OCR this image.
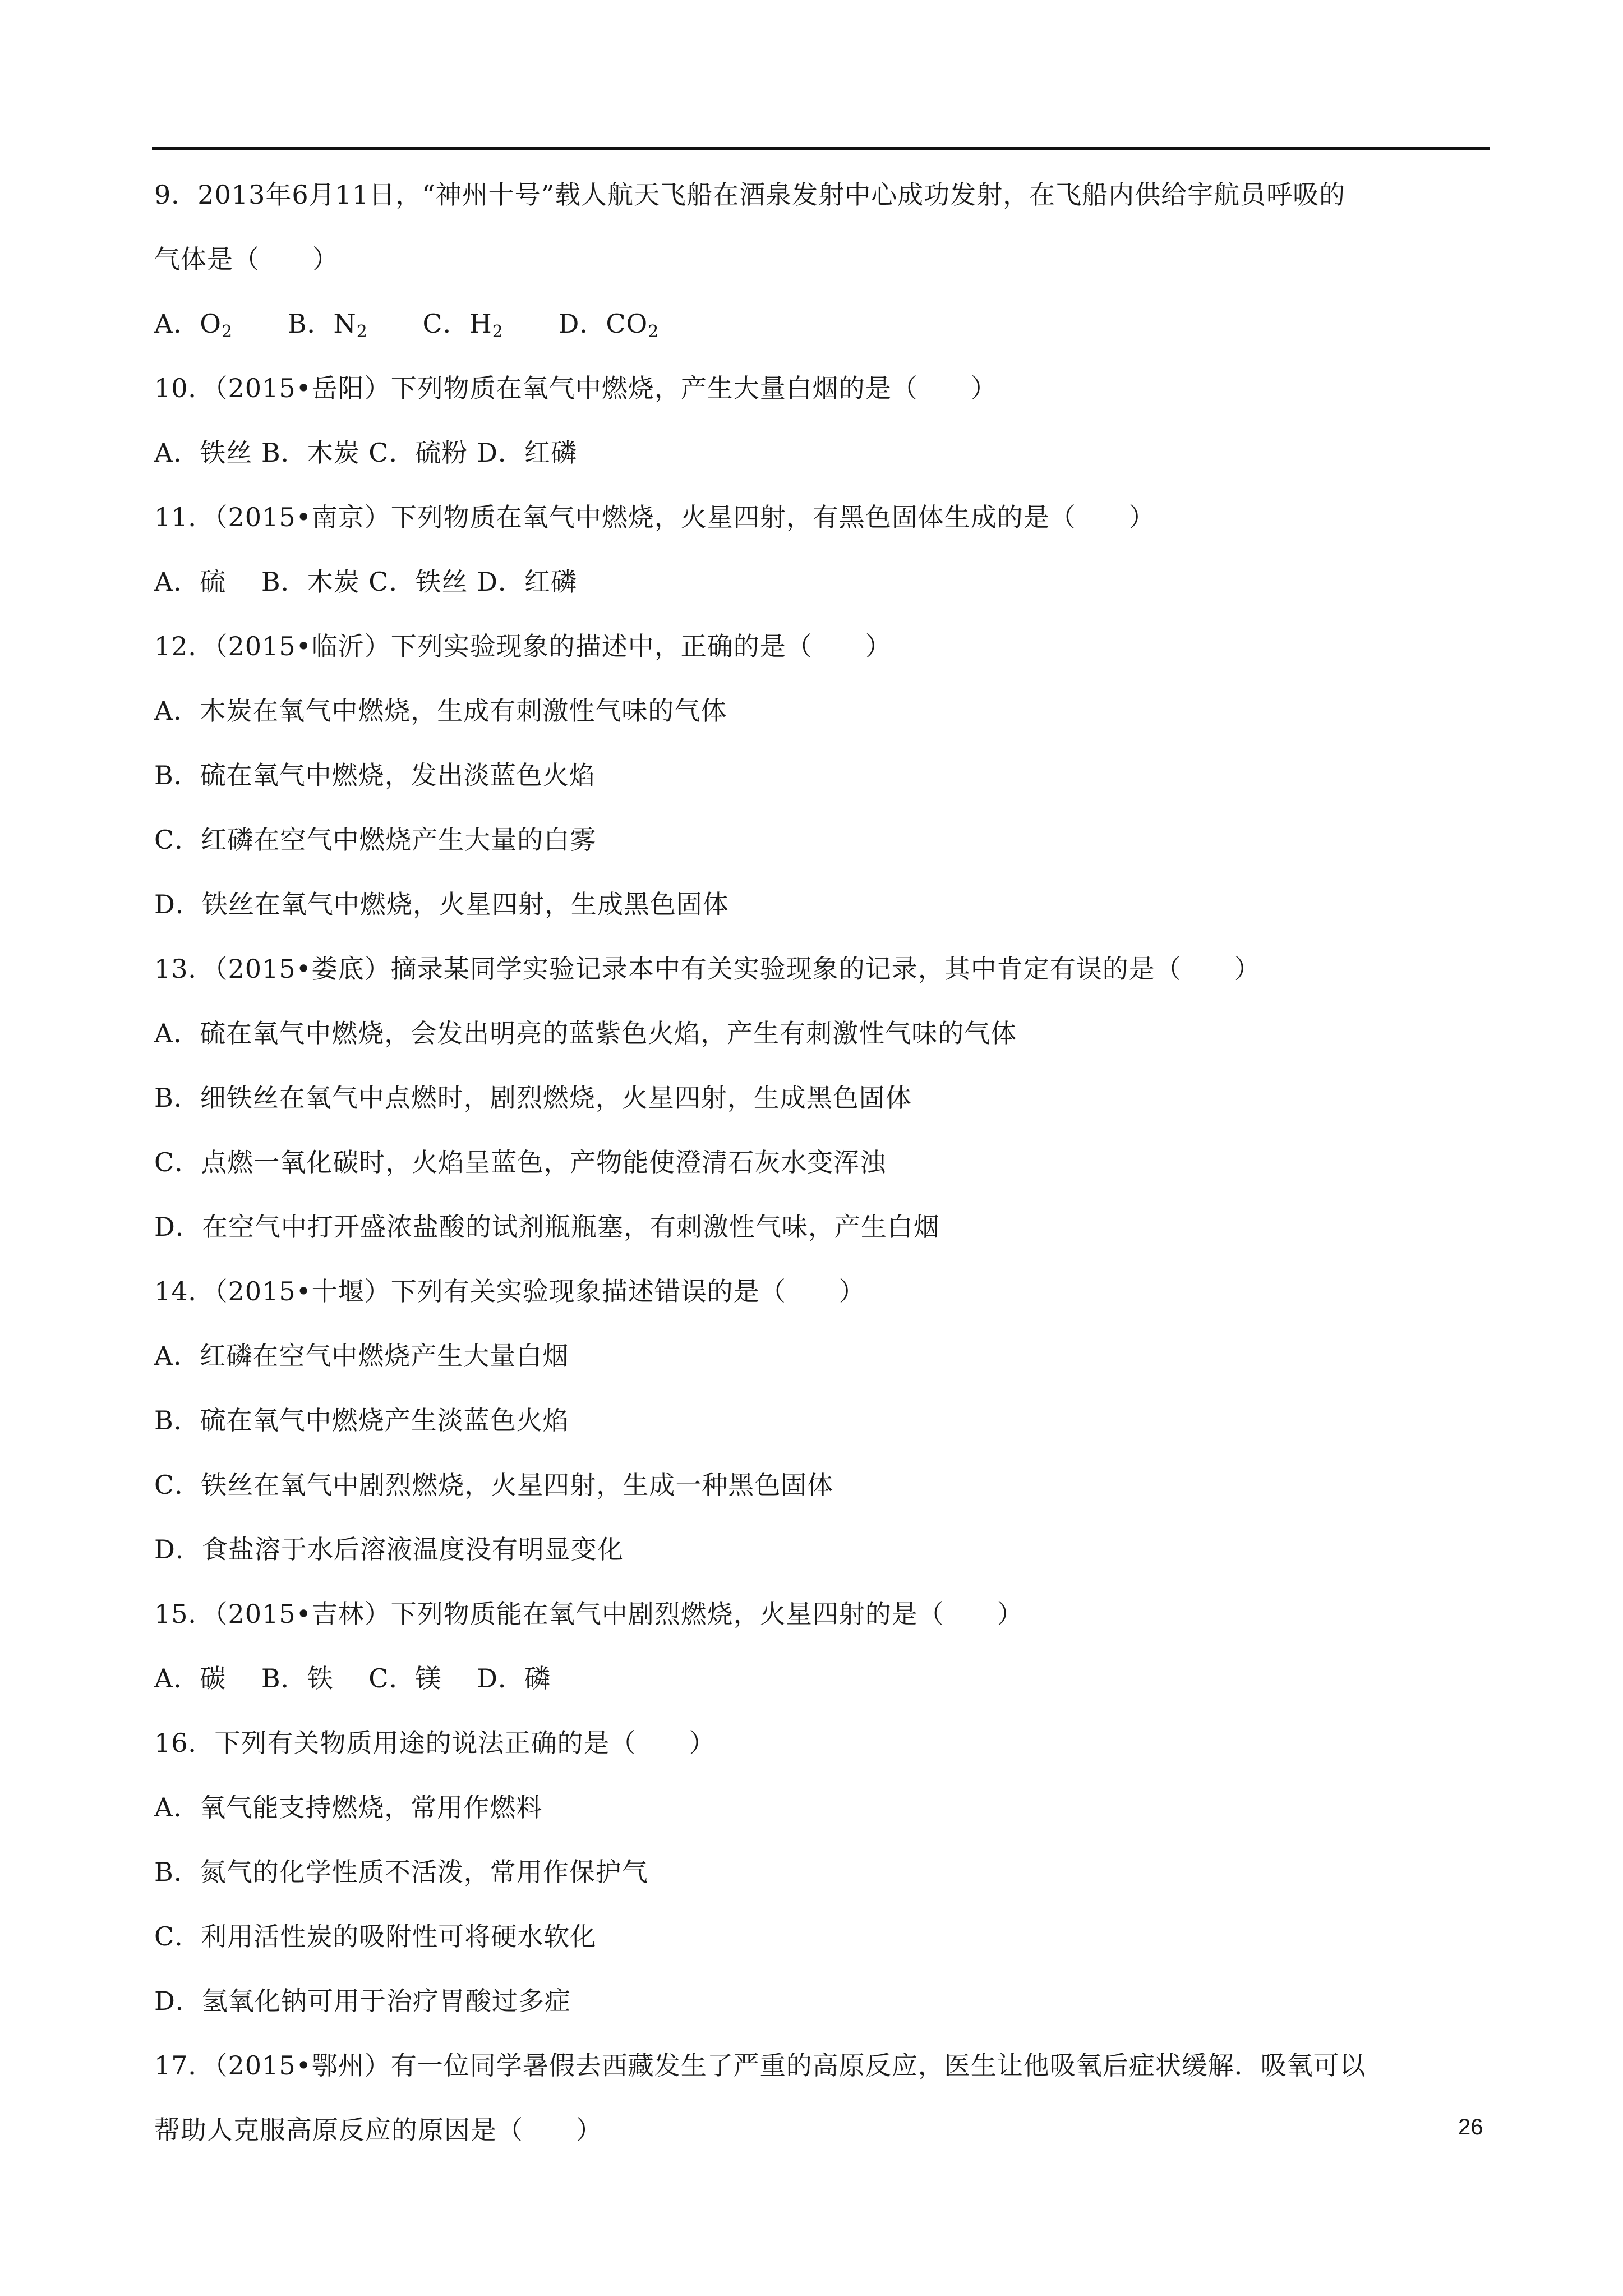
9．2013年6月11日，“神州十号”载人航天飞船在酒泉发射中心成功发射，在飞船内供给宇航员呼吸的
气体是（　　）
A．$O_2$ B．$N_2$ C．$H_2$ D．$CO_2$
10．（2015•岳阳）下列物质在氧气中燃烧，产生大量白烟的是（　　）
A．铁丝 B．木炭 C．硫粉 D．红磷
11．（2015•南京）下列物质在氧气中燃烧，火星四射，有黑色固体生成的是（　　）
A．硫　 B．木炭 C．铁丝 D．红磷
12．（2015•临沂）下列实验现象的描述中，正确的是（　　）
A．木炭在氧气中燃烧，生成有刺激性气味的气体
B．硫在氧气中燃烧，发出淡蓝色火焰
C．红磷在空气中燃烧产生大量的白雾
D．铁丝在氧气中燃烧，火星四射，生成黑色固体
13．（2015•娄底）摘录某同学实验记录本中有关实验现象的记录，其中肯定有误的是（　　）
A．硫在氧气中燃烧，会发出明亮的蓝紫色火焰，产生有刺激性气味的气体
B．细铁丝在氧气中点燃时，剧烈燃烧，火星四射，生成黑色固体
C．点燃一氧化碳时，火焰呈蓝色，产物能使澄清石灰水变浑浊
D．在空气中打开盛浓盐酸的试剂瓶瓶塞，有刺激性气味，产生白烟
14．（2015•十堰）下列有关实验现象描述错误的是（　　）
A．红磷在空气中燃烧产生大量白烟
B．硫在氧气中燃烧产生淡蓝色火焰
C．铁丝在氧气中剧烈燃烧，火星四射，生成一种黑色固体
D．食盐溶于水后溶液温度没有明显变化
15．（2015•吉林）下列物质能在氧气中剧烈燃烧，火星四射的是（　　）
A．碳　 B．铁　 C．镁　 D．磷
16．下列有关物质用途的说法正确的是（　　）
A．氧气能支持燃烧，常用作燃料
B．氮气的化学性质不活泼，常用作保护气
C．利用活性炭的吸附性可将硬水软化
D．氢氧化钠可用于治疗胃酸过多症
17．（2015•鄂州）有一位同学暑假去西藏发生了严重的高原反应，医生让他吸氧后症状缓解．吸氧可以
帮助人克服高原反应的原因是（　　）	26
